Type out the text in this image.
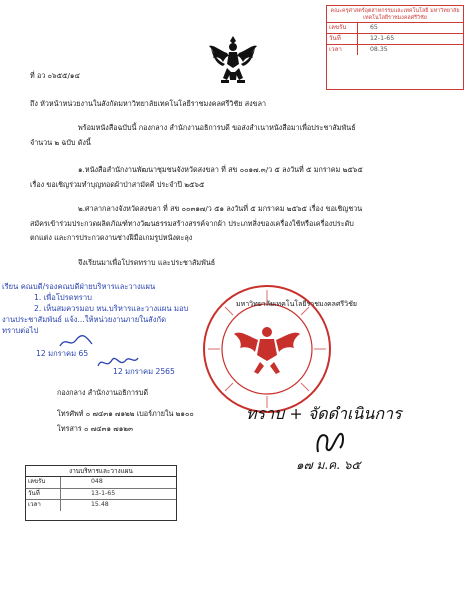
คณะครุศาสตร์อุตสาหกรรมและเทคโนโลยี มหาวิทยาลัยเทคโนโลยีราชมงคลศรีวิชัย
เลขรับ	65
วันที่	12-1-65
เวลา	08.35
ที่ อว ๐๖๕๕/๑๔
ถึง หัวหน้าหน่วยงานในสังกัดมหาวิทยาลัยเทคโนโลยีราชมงคลศรีวิชัย สงขลา
พร้อมหนังสือฉบับนี้ กองกลาง สำนักงานอธิการบดี ขอส่งสำเนาหนังสือมาเพื่อประชาสัมพันธ์
จำนวน ๒ ฉบับ ดังนี้
๑.หนังสือสำนักงานพัฒนาชุมชนจังหวัดสงขลา ที่ สข ๐๐๑๗.๓/ว ๕ ลงวันที่ ๕ มกราคม ๒๕๖๕
เรื่อง ขอเชิญร่วมทำบุญทอดผ้าป่าสามัคคี ประจำปี ๒๕๖๕
๒.ศาลากลางจังหวัดสงขลา ที่ สข ๐๐๓๑๗/ว ๕๑ ลงวันที่ ๕ มกราคม ๒๕๖๕ เรื่อง ขอเชิญชวน
สมัครเข้าร่วมประกวดผลิตภัณฑ์ทางวัฒนธรรมสร้างสรรค์จากผ้า ประเภทสิ่งของเครื่องใช้หรือเครื่องประดับ
ตกแต่ง และการประกวดงานช่างฝีมือเกมรูปหนังตะลุง
จึงเรียนมาเพื่อโปรดทราบ และประชาสัมพันธ์
เรียน คณบดี/รองคณบดีฝ่ายบริหารและวางแผน
1. เพื่อโปรดทราบ
2. เห็นสมควรมอบ หน.บริหารและวางแผน มอบ
งานประชาสัมพันธ์ แจ้ง...ให้หน่วยงานภายในสังกัด
ทราบต่อไป
12 มกราคม 65
12 มกราคม 2565
มหาวิทยาลัยเทคโนโลยีราชมงคลศรีวิชัย
กองกลาง สำนักงานอธิการบดี
โทรศัพท์ ๐ ๗๔๓๑ ๗๑๒๒ เบอร์ภายใน ๒๑๐๐
โทรสาร ๐ ๗๔๓๑ ๗๑๒๓
ทราบ + จัดดำเนินการ
๑๗ ม.ค. ๖๕
งานบริหารและวางแผน
เลขรับ	048
วันที่	13-1-65
เวลา	15.48
